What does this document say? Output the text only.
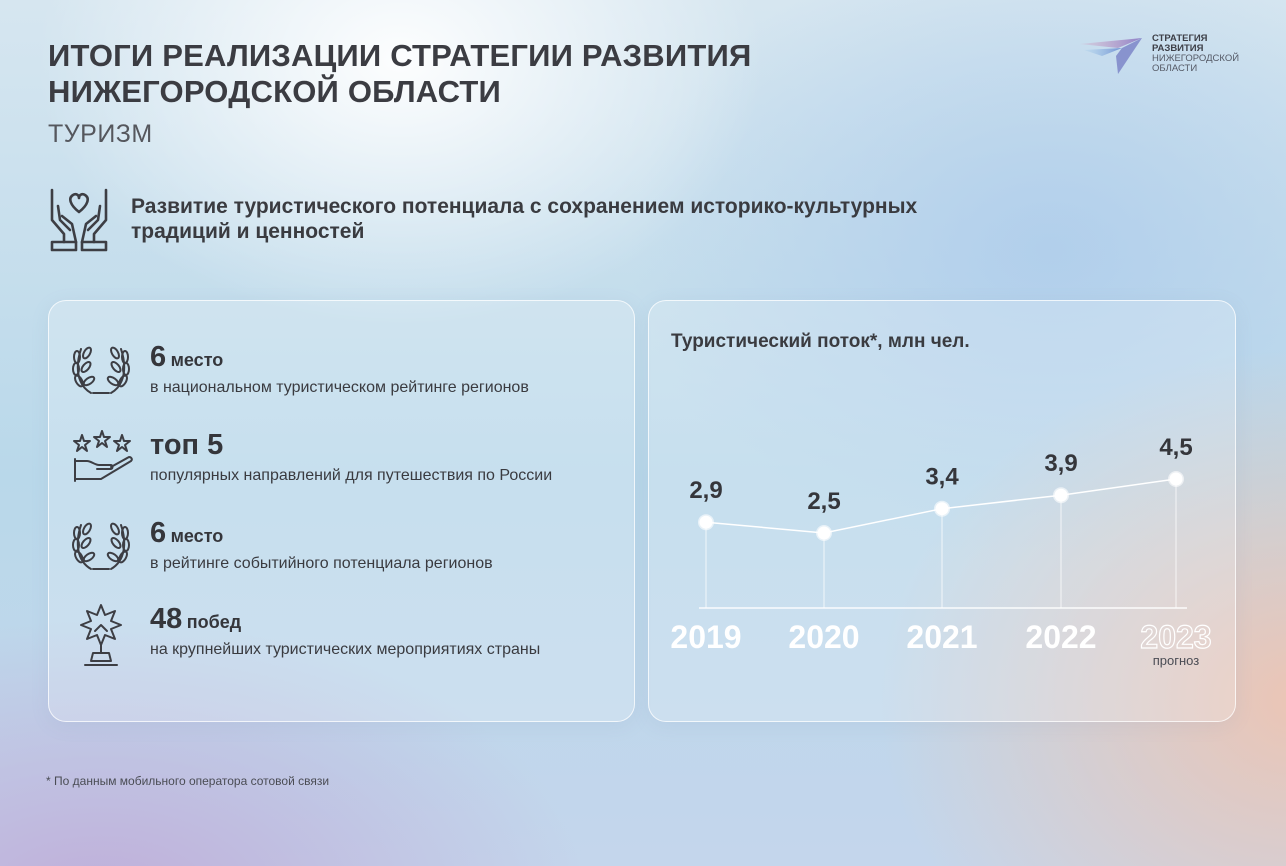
ИТОГИ РЕАЛИЗАЦИИ СТРАТЕГИИ РАЗВИТИЯ
НИЖЕГОРОДСКОЙ ОБЛАСТИ
ТУРИЗМ
СТРАТЕГИЯ
РАЗВИТИЯ
НИЖЕГОРОДСКОЙ
ОБЛАСТИ
Развитие туристического потенциала с сохранением историко-культурных традиций и ценностей
6 место
в национальном туристическом рейтинге регионов
топ 5
популярных направлений для путешествия по России
6 место
в рейтинге событийного потенциала регионов
48 побед
на крупнейших туристических мероприятиях страны
Туристический поток*, млн чел.
2,9	2,5
3,4	3,9
4,5
2019 2020 2021 2022 2023
прогноз
* По данным мобильного оператора сотовой связи
